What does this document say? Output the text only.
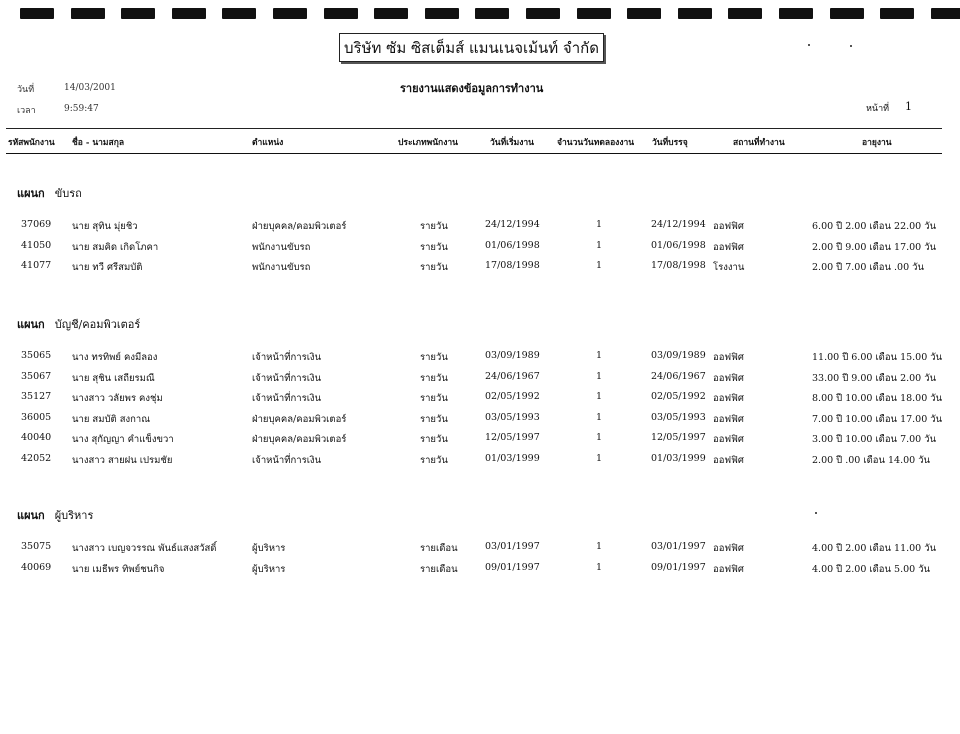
บริษัท ซัม ซิสเต็มส์ แมนเนจเม้นท์ จำกัด
วันที่	14/03/2001
เวลา	9:59:47
รายงานแสดงข้อมูลการทำงาน
หน้าที่ 1
รหัสพนักงาน ชื่อ - นามสกุล	ตำแหน่ง	ประเภทพนักงาน	วันที่เริ่มงาน	จำนวนวันทดลองงาน วันที่บรรจุ	สถานที่ทำงาน	อายุงาน
แผนก ขับรถ
37069 นาย สุทิน มุ่ยชิว	ฝ่ายบุคคล/คอมพิวเตอร์	รายวัน	24/12/1994	1	24/12/1994 ออฟฟิศ	6.00 ปี 2.00 เดือน 22.00 วัน
41050 นาย สมคิด เกิดโภคา	พนักงานขับรถ	รายวัน	01/06/1998	1	01/06/1998 ออฟฟิศ	2.00 ปี 9.00 เดือน 17.00 วัน
41077 นาย ทวี ศรีสมบัติ	พนักงานขับรถ	รายวัน	17/08/1998	1	17/08/1998 โรงงาน	2.00 ปี 7.00 เดือน .00 วัน
แผนก บัญชี/คอมพิวเตอร์
35065 นาง ทรทิพย์ คงมีลอง	เจ้าหน้าที่การเงิน	รายวัน	03/09/1989	1	03/09/1989 ออฟฟิศ	11.00 ปี 6.00 เดือน 15.00 วัน
35067 นาย สุชิน เสถียรมณี	เจ้าหน้าที่การเงิน	รายวัน	24/06/1967	1	24/06/1967 ออฟฟิศ	33.00 ปี 9.00 เดือน 2.00 วัน
35127 นางสาว วลัยพร คงชุ่ม	เจ้าหน้าที่การเงิน	รายวัน	02/05/1992	1	02/05/1992 ออฟฟิศ	8.00 ปี 10.00 เดือน 18.00 วัน
36005 นาย สมบัติ สงกาณ	ฝ่ายบุคคล/คอมพิวเตอร์	รายวัน	03/05/1993	1	03/05/1993 ออฟฟิศ	7.00 ปี 10.00 เดือน 17.00 วัน
40040 นาง สุกัญญา คำแข็งขวา	ฝ่ายบุคคล/คอมพิวเตอร์	รายวัน	12/05/1997	1	12/05/1997 ออฟฟิศ	3.00 ปี 10.00 เดือน 7.00 วัน
42052 นางสาว สายฝน เปรมชัย	เจ้าหน้าที่การเงิน	รายวัน	01/03/1999	1	01/03/1999 ออฟฟิศ	2.00 ปี .00 เดือน 14.00 วัน
แผนก ผู้บริหาร
35075 นางสาว เบญจวรรณ พันธ์แสงสวัสดิ์	ผู้บริหาร	รายเดือน	03/01/1997	1	03/01/1997 ออฟฟิศ	4.00 ปี 2.00 เดือน 11.00 วัน
40069 นาย เมธีพร ทิพย์ชนกิจ	ผู้บริหาร	รายเดือน	09/01/1997	1	09/01/1997 ออฟฟิศ	4.00 ปี 2.00 เดือน 5.00 วัน
